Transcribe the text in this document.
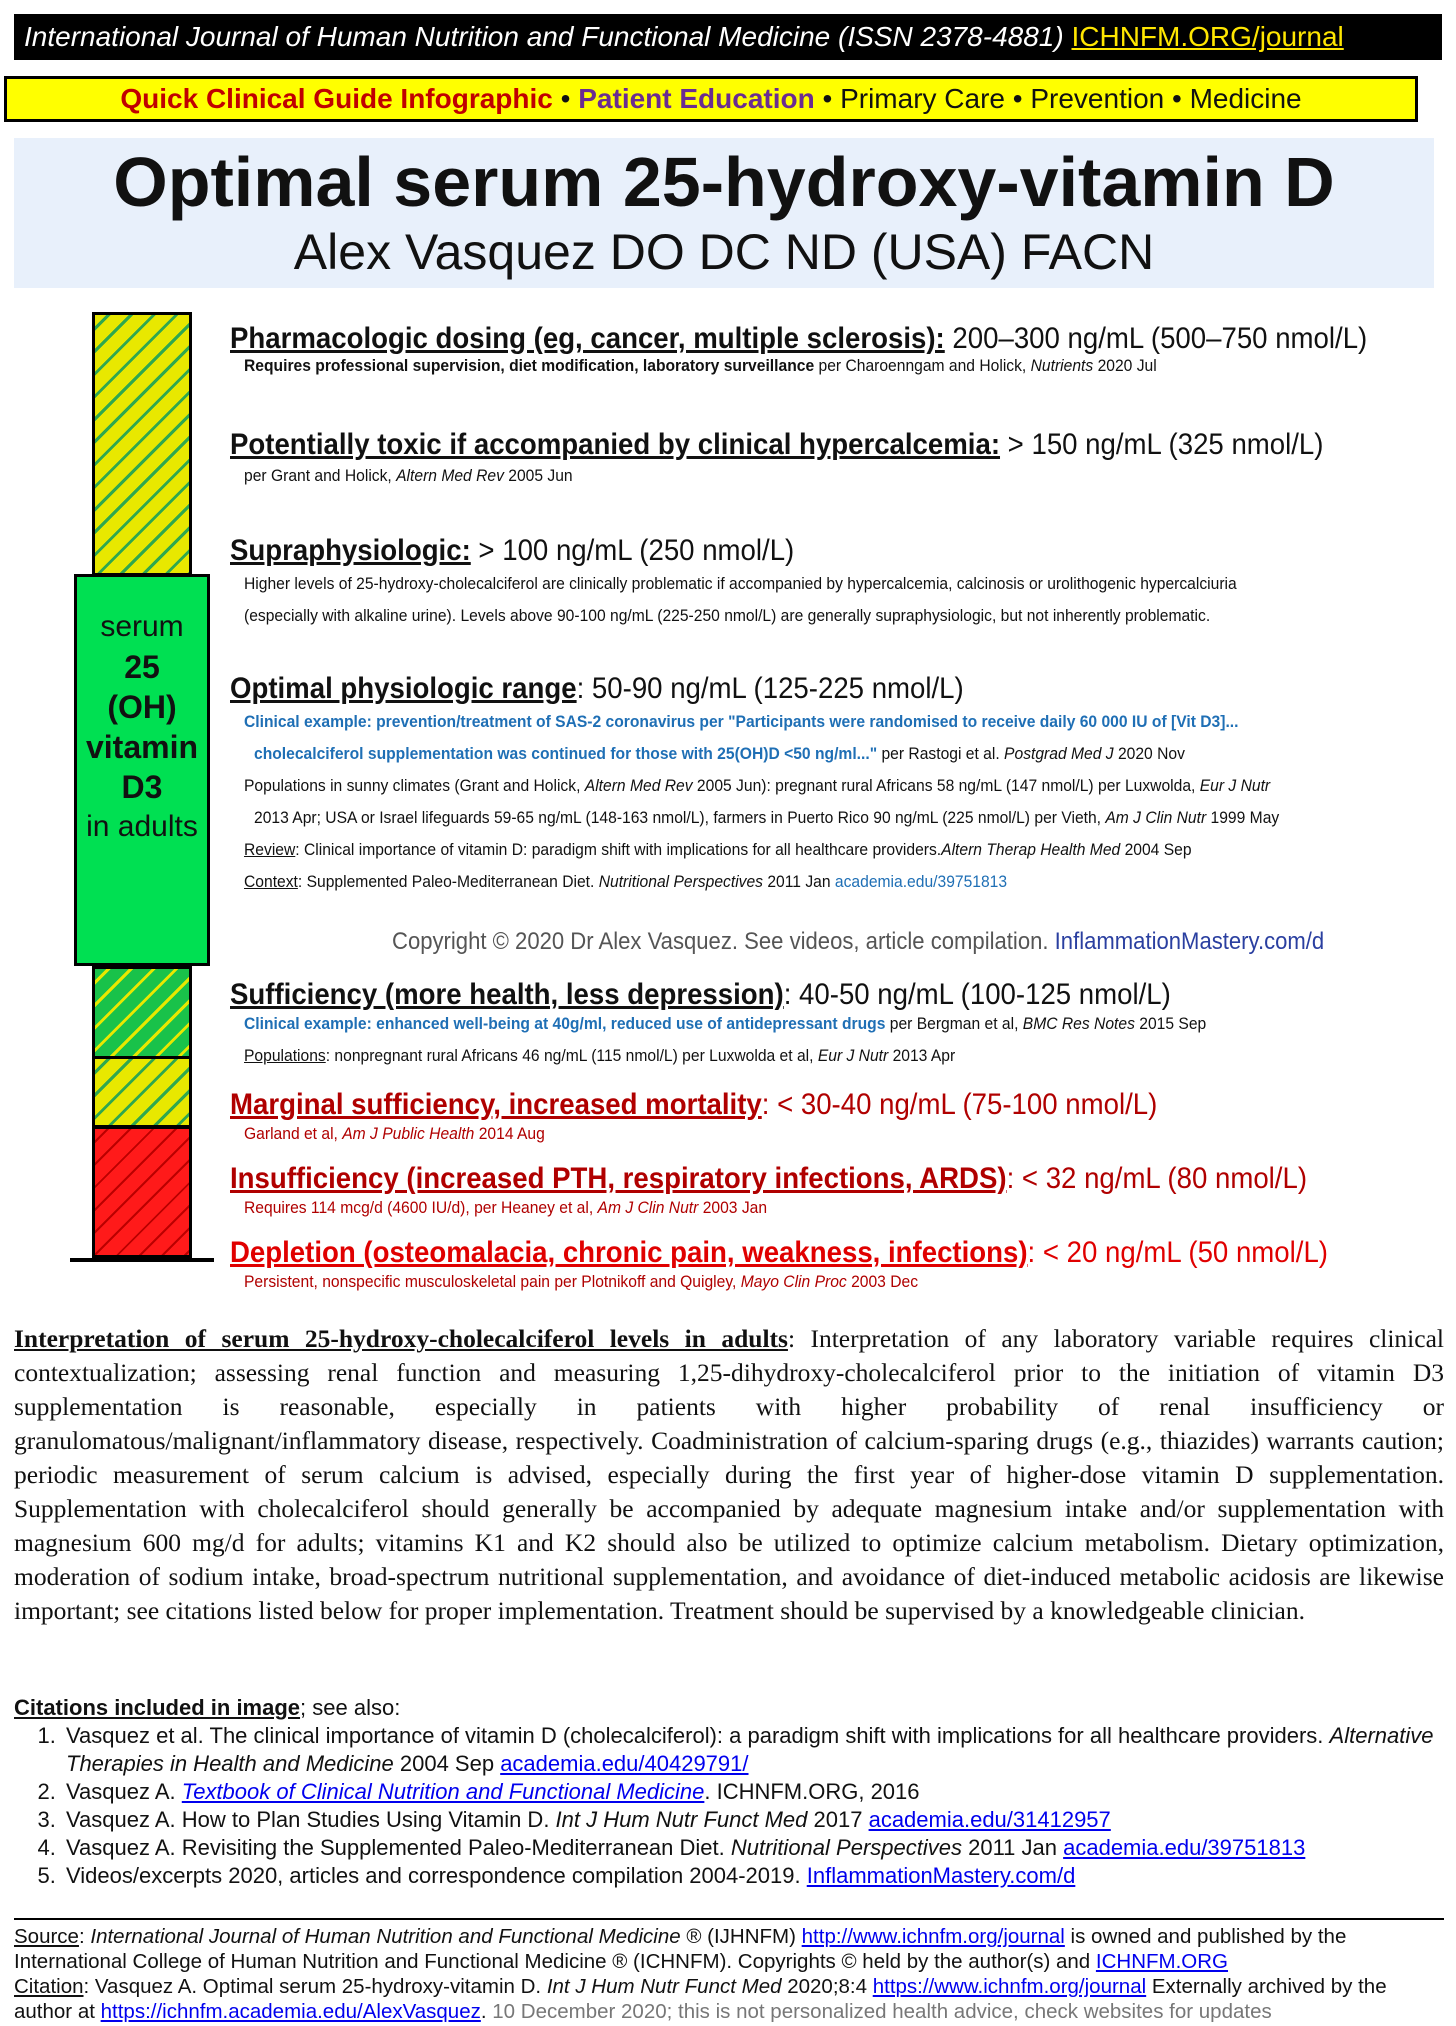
International Journal of Human Nutrition and Functional Medicine (ISSN 2378-4881) ICHNFM.ORG/journal
Quick Clinical Guide Infographic • Patient Education • Primary Care • Prevention • Medicine
Optimal serum 25-hydroxy-vitamin D
Alex Vasquez DO DC ND (USA) FACN
serum
25
(OH)
vitamin
D3
in adults
Pharmacologic dosing (eg, cancer, multiple sclerosis): 200–300 ng/mL (500–750 nmol/L)
Requires professional supervision, diet modification, laboratory surveillance per Charoenngam and Holick, Nutrients 2020 Jul
Potentially toxic if accompanied by clinical hypercalcemia: > 150 ng/mL (325 nmol/L)
per Grant and Holick, Altern Med Rev 2005 Jun
Supraphysiologic: > 100 ng/mL (250 nmol/L)
Higher levels of 25-hydroxy-cholecalciferol are clinically problematic if accompanied by hypercalcemia, calcinosis or urolithogenic hypercalciuria
(especially with alkaline urine). Levels above 90-100 ng/mL (225-250 nmol/L) are generally supraphysiologic, but not inherently problematic.
Optimal physiologic range: 50-90 ng/mL (125-225 nmol/L)
Clinical example: prevention/treatment of SAS-2 coronavirus per "Participants were randomised to receive daily 60 000 IU of [Vit D3]...
cholecalciferol supplementation was continued for those with 25(OH)D <50 ng/ml..." per Rastogi et al. Postgrad Med J 2020 Nov
Populations in sunny climates (Grant and Holick, Altern Med Rev 2005 Jun): pregnant rural Africans 58 ng/mL (147 nmol/L) per Luxwolda, Eur J Nutr
2013 Apr; USA or Israel lifeguards 59-65 ng/mL (148-163 nmol/L), farmers in Puerto Rico 90 ng/mL (225 nmol/L) per Vieth, Am J Clin Nutr 1999 May
Review: Clinical importance of vitamin D: paradigm shift with implications for all healthcare providers.Altern Therap Health Med 2004 Sep
Context: Supplemented Paleo-Mediterranean Diet. Nutritional Perspectives 2011 Jan academia.edu/39751813
Copyright © 2020 Dr Alex Vasquez. See videos, article compilation. InflammationMastery.com/d
Sufficiency (more health, less depression): 40-50 ng/mL (100-125 nmol/L)
Clinical example: enhanced well-being at 40g/ml, reduced use of antidepressant drugs per Bergman et al, BMC Res Notes 2015 Sep
Populations: nonpregnant rural Africans 46 ng/mL (115 nmol/L) per Luxwolda et al, Eur J Nutr 2013 Apr
Marginal sufficiency, increased mortality: < 30-40 ng/mL (75-100 nmol/L)
Garland et al, Am J Public Health 2014 Aug
Insufficiency (increased PTH, respiratory infections, ARDS): < 32 ng/mL (80 nmol/L)
Requires 114 mcg/d (4600 IU/d), per Heaney et al, Am J Clin Nutr 2003 Jan
Depletion (osteomalacia, chronic pain, weakness, infections): < 20 ng/mL (50 nmol/L)
Persistent, nonspecific musculoskeletal pain per Plotnikoff and Quigley, Mayo Clin Proc 2003 Dec
Interpretation of serum 25-hydroxy-cholecalciferol levels in adults: Interpretation of any laboratory variable requires clinical contextualization; assessing renal function and measuring 1,25-dihydroxy-cholecalciferol prior to the initiation of vitamin D3 supplementation is reasonable, especially in patients with higher probability of renal insufficiency or granulomatous/malignant/inflammatory disease, respectively. Coadministration of calcium-sparing drugs (e.g., thiazides) warrants caution; periodic measurement of serum calcium is advised, especially during the first year of higher-dose vitamin D supplementation. Supplementation with cholecalciferol should generally be accompanied by adequate magnesium intake and/or supplementation with magnesium 600 mg/d for adults; vitamins K1 and K2 should also be utilized to optimize calcium metabolism. Dietary optimization, moderation of sodium intake, broad-spectrum nutritional supplementation, and avoidance of diet-induced metabolic acidosis are likewise important; see citations listed below for proper implementation. Treatment should be supervised by a knowledgeable clinician.
Citations included in image; see also:
1. Vasquez et al. The clinical importance of vitamin D (cholecalciferol): a paradigm shift with implications for all healthcare providers. Alternative Therapies in Health and Medicine 2004 Sep academia.edu/40429791/
2. Vasquez A. Textbook of Clinical Nutrition and Functional Medicine. ICHNFM.ORG, 2016
3. Vasquez A. How to Plan Studies Using Vitamin D. Int J Hum Nutr Funct Med 2017 academia.edu/31412957
4. Vasquez A. Revisiting the Supplemented Paleo-Mediterranean Diet. Nutritional Perspectives 2011 Jan academia.edu/39751813
5. Videos/excerpts 2020, articles and correspondence compilation 2004-2019. InflammationMastery.com/d
Source: International Journal of Human Nutrition and Functional Medicine ® (IJHNFM) http://www.ichnfm.org/journal is owned and published by the International College of Human Nutrition and Functional Medicine ® (ICHNFM). Copyrights © held by the author(s) and ICHNFM.ORG
Citation: Vasquez A. Optimal serum 25-hydroxy-vitamin D. Int J Hum Nutr Funct Med 2020;8:4 https://www.ichnfm.org/journal Externally archived by the author at https://ichnfm.academia.edu/AlexVasquez. 10 December 2020; this is not personalized health advice, check websites for updates
